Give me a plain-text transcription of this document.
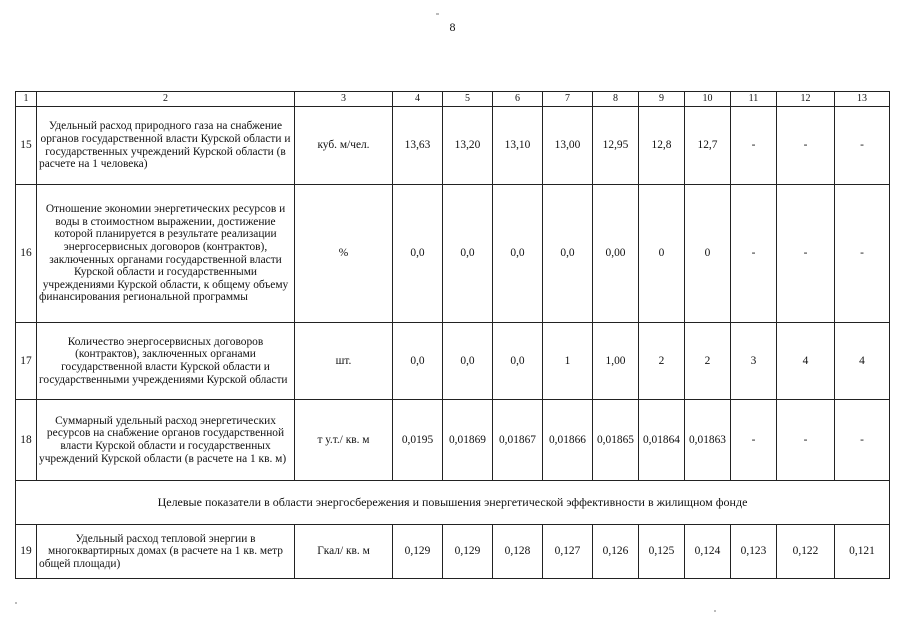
8
1	2	3	4	5	6	7	8	9	10	11	12	13
15	Удельный расход природного газа на снабжение органов государственной власти Курской области и государственных учреждений Курской области (в расчете на 1 человека)	куб. м/чел.	13,63	13,20	13,10	13,00	12,95	12,8	12,7	-	-	-
16	Отношение экономии энергетических ресурсов и воды в стоимостном выражении, достижение которой планируется в результате реализации энергосервисных договоров (контрактов), заключенных органами государственной власти Курской области и государственными учреждениями Курской области, к общему объему финансирования региональной программы	%	0,0	0,0	0,0	0,0	0,00	0	0	-	-	-
17	Количество энергосервисных договоров (контрактов), заключенных органами государственной власти Курской области и государственными учреждениями Курской области	шт.	0,0	0,0	0,0	1	1,00	2	2	3	4	4
18	Суммарный удельный расход энергетических ресурсов на снабжение органов государственной власти Курской области и государственных учреждений Курской области (в расчете на 1 кв. м)	т у.т./ кв. м	0,0195	0,01869	0,01867	0,01866	0,01865	0,01864	0,01863	-	-	-
Целевые показатели в области энергосбережения и повышения энергетической эффективности в жилищном фонде												
19	Удельный расход тепловой энергии в многоквартирных домах (в расчете на 1 кв. метр общей площади)	Гкал/ кв. м	0,129	0,129	0,128	0,127	0,126	0,125	0,124	0,123	0,122	0,121
